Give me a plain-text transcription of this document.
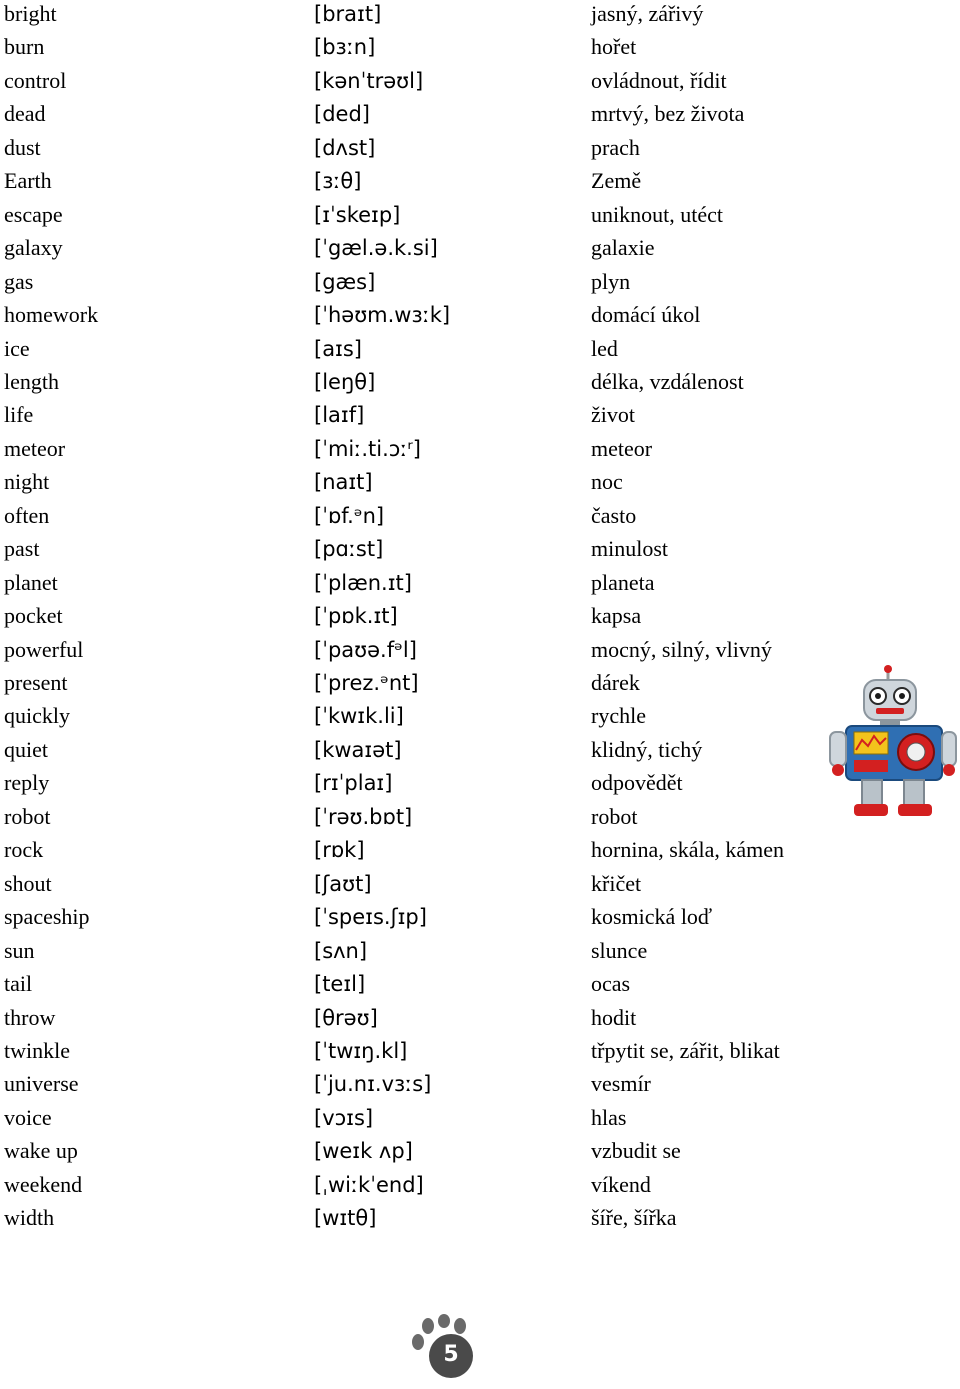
bright	[braɪt]	jasný, zářivý
burn	[bɜːn]	hořet
control	[kənˈtrəʊl]	ovládnout, řídit
dead	[ded]	mrtvý, bez života
dust	[dʌst]	prach
Earth	[ɜːθ]	Země
escape	[ɪˈskeɪp]	uniknout, utéct
galaxy	[ˈgæl.ə.k.si]	galaxie
gas	[gæs]	plyn
homework	[ˈhəʊm.wɜːk]	domácí úkol
ice	[aɪs]	led
length	[leŋθ]	délka, vzdálenost
life	[laɪf]	život
meteor	[ˈmiː.ti.ɔːʳ]	meteor
night	[naɪt]	noc
often	[ˈɒf.ᵊn]	často
past	[pɑːst]	minulost
planet	[ˈplæn.ɪt]	planeta
pocket	[ˈpɒk.ɪt]	kapsa
powerful	[ˈpaʊə.fᵊl]	mocný, silný, vlivný
present	[ˈprez.ᵊnt]	dárek
quickly	[ˈkwɪk.li]	rychle
quiet	[kwaɪət]	klidný, tichý
reply	[rɪˈplaɪ]	odpovědět
robot	[ˈrəʊ.bɒt]	robot
rock	[rɒk]	hornina, skála, kámen
shout	[ʃaʊt]	křičet
spaceship	[ˈspeɪs.ʃɪp]	kosmická loď
sun	[sʌn]	slunce
tail	[teɪl]	ocas
throw	[θrəʊ]	hodit
twinkle	[ˈtwɪŋ.kl]	třpytit se, zářit, blikat
universe	[ˈju.nɪ.vɜːs]	vesmír
voice	[vɔɪs]	hlas
wake up	[weɪk ʌp]	vzbudit se
weekend	[ˌwiːkˈend]	víkend
width	[wɪtθ]	šíře, šířka
5
